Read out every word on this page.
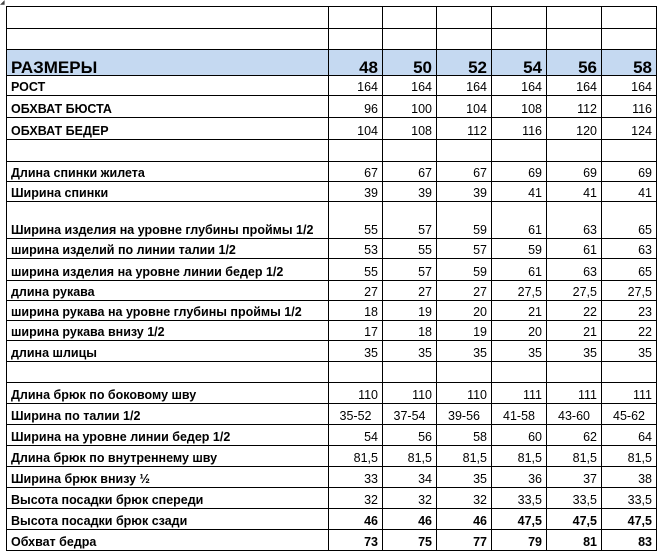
◢

РАЗМЕРЫ	48	50	52	54	56	58
РОСТ	164	164	164	164	164	164
ОБХВАТ БЮСТА	96	100	104	108	112	116
ОБХВАТ БЕДЕР	104	108	112	116	120	124

Длина спинки жилета	67	67	67	69	69	69
Ширина спинки	39	39	39	41	41	41
Ширина изделия на уровне глубины проймы 1/2	55	57	59	61	63	65
ширина изделий по линии талии 1/2	53	55	57	59	61	63
ширина изделия на уровне линии бедер 1/2	55	57	59	61	63	65
длина рукава	27	27	27	27,5	27,5	27,5
ширина рукава на уровне глубины проймы 1/2	18	19	20	21	22	23
ширина рукава внизу 1/2	17	18	19	20	21	22
длина шлицы	35	35	35	35	35	35

Длина брюк по боковому шву	110	110	110	111	111	111
Ширина по талии 1/2	35-52	37-54	39-56	41-58	43-60	45-62
Ширина на уровне линии бедер 1/2	54	56	58	60	62	64
Длина брюк по внутреннему шву	81,5	81,5	81,5	81,5	81,5	81,5
Ширина брюк внизу ½	33	34	35	36	37	38
Высота посадки брюк спереди	32	32	32	33,5	33,5	33,5
Высота посадки брюк сзади	46	46	46	47,5	47,5	47,5
Обхват бедра	73	75	77	79	81	83
